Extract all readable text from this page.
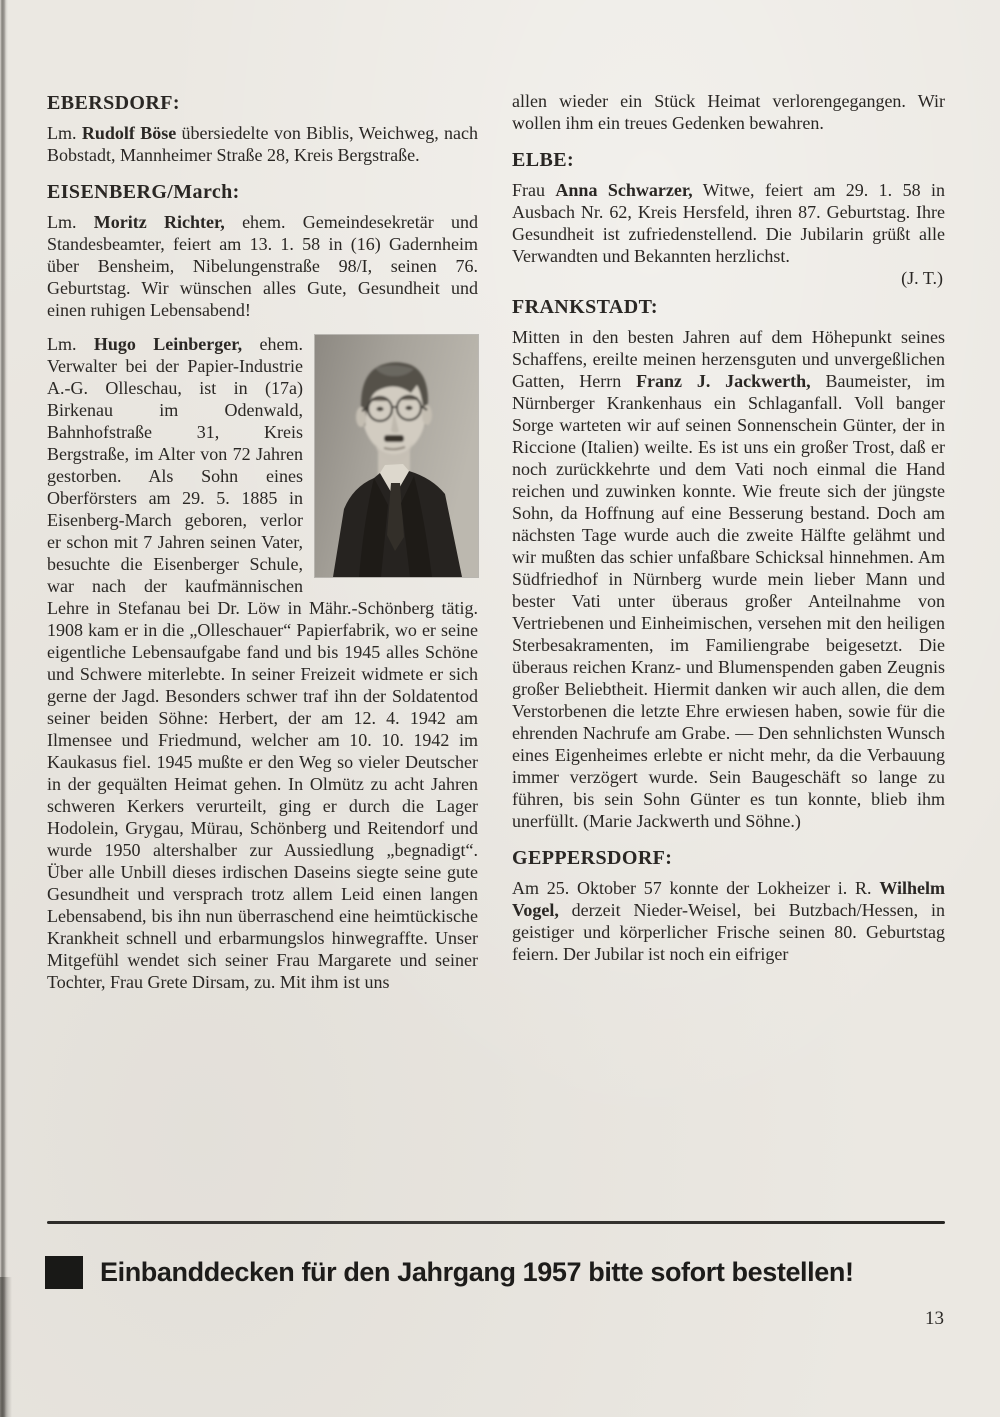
EBERSDORF:

Lm. Rudolf Böse übersiedelte von Biblis, Weichweg, nach Bobstadt, Mannheimer Straße 28, Kreis Bergstraße.

EISENBERG/March:

Lm. Moritz Richter, ehem. Gemeindesekretär und Standesbeamter, feiert am 13. 1. 58 in (16) Gadernheim über Bensheim, Nibelungenstraße 98/I, seinen 76. Geburtstag. Wir wünschen alles Gute, Gesundheit und einen ruhigen Lebensabend!

Lm. Hugo Leinberger, ehem. Verwalter bei der Papier-Industrie A.-G. Olleschau, ist in (17a) Birkenau im Odenwald, Bahnhofstraße 31, Kreis Bergstraße, im Alter von 72 Jahren gestorben. Als Sohn eines Oberförsters am 29. 5. 1885 in Eisenberg-March geboren, verlor er schon mit 7 Jahren seinen Vater, besuchte die Eisenberger Schule, war nach der kaufmännischen Lehre in Stefanau bei Dr. Löw in Mähr.-Schönberg tätig. 1908 kam er in die „Olleschauer“ Papierfabrik, wo er seine eigentliche Lebensaufgabe fand und bis 1945 alles Schöne und Schwere miterlebte. In seiner Freizeit widmete er sich gerne der Jagd. Besonders schwer traf ihn der Soldatentod seiner beiden Söhne: Herbert, der am 12. 4. 1942 am Ilmensee und Friedmund, welcher am 10. 10. 1942 im Kaukasus fiel. 1945 mußte er den Weg so vieler Deutscher in der gequälten Heimat gehen. In Olmütz zu acht Jahren schweren Kerkers verurteilt, ging er durch die Lager Hodolein, Grygau, Mürau, Schönberg und Reitendorf und wurde 1950 altershalber zur Aussiedlung „begnadigt“. Über alle Unbill dieses irdischen Daseins siegte seine gute Gesundheit und versprach trotz allem Leid einen langen Lebensabend, bis ihn nun überraschend eine heimtückische Krankheit schnell und erbarmungslos hinwegraffte. Unser Mitgefühl wendet sich seiner Frau Margarete und seiner Tochter, Frau Grete Dirsam, zu. Mit ihm ist uns

allen wieder ein Stück Heimat verlorengegangen. Wir wollen ihm ein treues Gedenken bewahren.

ELBE:

Frau Anna Schwarzer, Witwe, feiert am 29. 1. 58 in Ausbach Nr. 62, Kreis Hersfeld, ihren 87. Geburtstag. Ihre Gesundheit ist zufriedenstellend. Die Jubilarin grüßt alle Verwandten und Bekannten herzlichst.

(J. T.)

FRANKSTADT:

Mitten in den besten Jahren auf dem Höhepunkt seines Schaffens, ereilte meinen herzensguten und unvergeßlichen Gatten, Herrn Franz J. Jackwerth, Baumeister, im Nürnberger Krankenhaus ein Schlaganfall. Voll banger Sorge warteten wir auf seinen Sonnenschein Günter, der in Riccione (Italien) weilte. Es ist uns ein großer Trost, daß er noch zurückkehrte und dem Vati noch einmal die Hand reichen und zuwinken konnte. Wie freute sich der jüngste Sohn, da Hoffnung auf eine Besserung bestand. Doch am nächsten Tage wurde auch die zweite Hälfte gelähmt und wir mußten das schier unfaßbare Schicksal hinnehmen. Am Südfriedhof in Nürnberg wurde mein lieber Mann und bester Vati unter überaus großer Anteilnahme von Vertriebenen und Einheimischen, versehen mit den heiligen Sterbesakramenten, im Familiengrabe beigesetzt. Die überaus reichen Kranz- und Blumenspenden gaben Zeugnis großer Beliebtheit. Hiermit danken wir auch allen, die dem Verstorbenen die letzte Ehre erwiesen haben, sowie für die ehrenden Nachrufe am Grabe. — Den sehnlichsten Wunsch eines Eigenheimes erlebte er nicht mehr, da die Verbauung immer verzögert wurde. Sein Baugeschäft so lange zu führen, bis sein Sohn Günter es tun konnte, blieb ihm unerfüllt. (Marie Jackwerth und Söhne.)

GEPPERSDORF:

Am 25. Oktober 57 konnte der Lokheizer i. R. Wilhelm Vogel, derzeit Nieder-Weisel, bei Butzbach/Hessen, in geistiger und körperlicher Frische seinen 80. Geburtstag feiern. Der Jubilar ist noch ein eifriger

Einbanddecken für den Jahrgang 1957 bitte sofort bestellen!
13
